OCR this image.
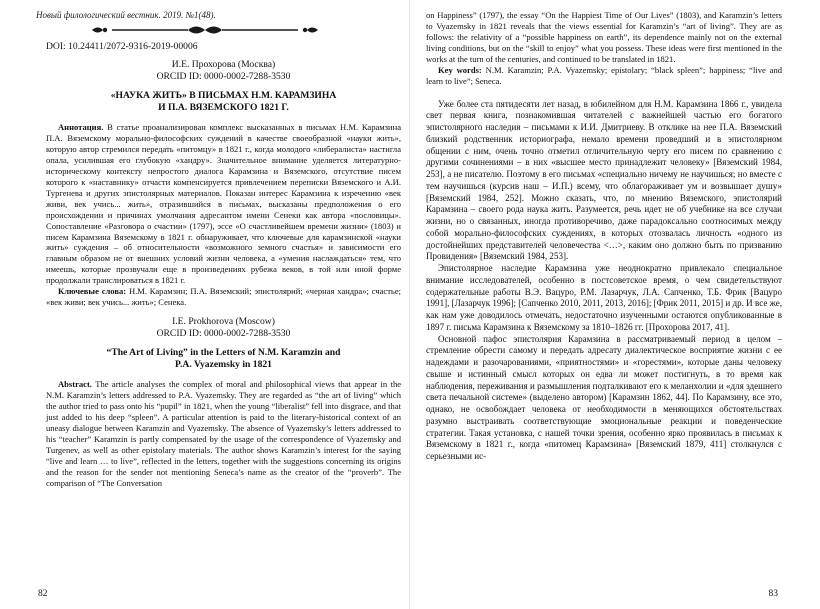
Новый филологический вестник. 2019. №1(48).
DOI: 10.24411/2072-9316-2019-00006
И.Е. Прохорова (Москва)
ORCID ID: 0000-0002-7288-3530
«НАУКА ЖИТЬ» В ПИСЬМАХ Н.М. КАРАМЗИНА
И П.А. ВЯЗЕМСКОГО 1821 Г.

Аннотация. В статье проанализирован комплекс высказанных в письмах Н.М. Карамзина П.А. Вяземскому морально-философских суждений в качестве своеобразной «науки жить», которую автор стремился передать «питомцу» в 1821 г., когда молодого «либералиста» настигла опала, усилившая его глубокую «хандру». Значительное внимание уделяется литературно-историческому контексту непростого диалога Карамзина и Вяземского, отсутствие писем которого к «наставнику» отчасти компенсируется привлечением переписки Вяземского и А.И. Тургенева и других эпистолярных материалов. Показан интерес Карамзина к изречению «век живи, век учись... жить», отразившийся в письмах, высказаны предположения о его происхождении и причинах умолчания адресантом имени Сенеки как автора «пословицы». Сопоставление «Разговора о счастии» (1797), эссе «О счастливейшем времени жизни» (1803) и писем Карамзина Вяземскому в 1821 г. обнаруживает, что ключевые для карамзинской «науки жить» суждения – об относительности «возможного земного счастья» и зависимости его главным образом не от внешних условий жизни человека, а «умения наслаждаться» тем, что имеешь, которые прозвучали еще в произведениях рубежа веков, в той или иной форме продолжали транслироваться в 1821 г.

Ключевые слова: Н.М. Карамзин; П.А. Вяземский; эпистолярий; «черная хандра»; счастье; «век живи; век учись... жить»; Сенека.

I.E. Prokhorova (Moscow)
ORCID ID: 0000-0002-7288-3530
“The Art of Living” in the Letters of N.M. Karamzin and
P.A. Vyazemsky in 1821

Abstract. The article analyses the complex of moral and philosophical views that appear in the N.M. Karamzin’s letters addressed to P.A. Vyazemsky. They are regarded as “the art of living” which the author tried to pass onto his “pupil” in 1821, when the young “liberalist” fell into disgrace, and that just added to his deep “spleen”. A particular attention is paid to the literary-historical context of an uneasy dialogue between Karamzin and Vyazemsky. The absence of Vyazemsky’s letters addressed to his “teacher” Karamzin is partly compensated by the usage of the correspondence of Vyazemsky and Turgenev, as well as other epistolary materials. The author shows Karamzin’s interest for the saying “live and learn … to live”, reflected in the letters, together with the suggestions concerning its origins and the reason for the sender not mentioning Seneca’s name as the creator of the “proverb”. The comparison of “The Conversation

82

on Happiness” (1797), the essay “On the Happiest Time of Our Lives” (1803), and Karamzin’s letters to Vyazemsky in 1821 reveals that the views essential for Karamzin’s “art of living”. They are as follows: the relativity of a “possible happiness on earth”, its dependence mainly not on the external living conditions, but on the “skill to enjoy” what you possess. These ideas were first mentioned in the works at the turn of the centuries, and continued to be translated in 1821.

Key words: N.M. Karamzin; P.A. Vyazemsky; epistolary; “black spleen”; happiness; “live and learn to live”; Seneca.

Уже более ста пятидесяти лет назад, в юбилейном для Н.М. Карамзина 1866 г., увидела свет первая книга, познакомившая читателей с важнейшей частью его богатого эпистолярного наследия – письмами к И.И. Дмитриеву. В отклике на нее П.А. Вяземский близкий родственник историографа, немало времени проведший и в эпистолярном общении с ним, очень точно отметил отличительную черту его писем по сравнению с другими сочинениями – в них «высшее место принадлежит человеку» [Вяземский 1984, 253], а не писателю. Поэтому в его письмах «специально ничему не научишься; но вместе с тем научишься (курсив наш – И.П.) всему, что облагораживает ум и возвышает душу» [Вяземский 1984, 252]. Можно сказать, что, по мнению Вяземского, эпистолярий Карамзина – своего рода наука жить. Разумеется, речь идет не об учебнике на все случаи жизни, но о связанных, иногда противоречиво, даже парадоксально соотносимых между собой морально-философских суждениях, в которых отозвалась личность «одного из достойнейших представителей человечества <…>, каким оно должно быть по призванию Провидения» [Вяземский 1984, 253].

Эпистолярное наследие Карамзина уже неоднократно привлекало специальное внимание исследователей, особенно в постсоветское время, о чем свидетельствуют содержательные работы В.Э. Вацуро, Р.М. Лазарчук, Л.А. Сапченко, Т.Б. Фрик [Вацуро 1991], [Лазарчук 1996]; [Сапченко 2010, 2011, 2013, 2016]; [Фрик 2011, 2015] и др. И все же, как нам уже доводилось отмечать, недостаточно изученными остаются опубликованные в 1897 г. письма Карамзина к Вяземскому за 1810–1826 гг. [Прохорова 2017, 41].

Основной пафос эпистолярия Карамзина в рассматриваемый период в целом – стремление обрести самому и передать адресату диалектическое восприятие жизни с ее надеждами и разочарованиями, «приятностями» и «горестями», которые даны человеку свыше и истинный смысл которых он едва ли может постигнуть, в то время как наблюдения, переживания и размышления подталкивают его к меланхолии и «для здешнего света печальной системе» (выделено автором) [Карамзин 1862, 44]. По Карамзину, все это, однако, не освобождает человека от необходимости в меняющихся обстоятельствах разумно выстраивать соответствующие эмоциональные реакции и поведенческие стратегии. Такая установка, с нашей точки зрения, особенно ярко проявилась в письмах к Вяземскому в 1821 г., когда «питомец Карамзина» [Вяземский 1879, 411] столкнулся с серьезными ис-

83
